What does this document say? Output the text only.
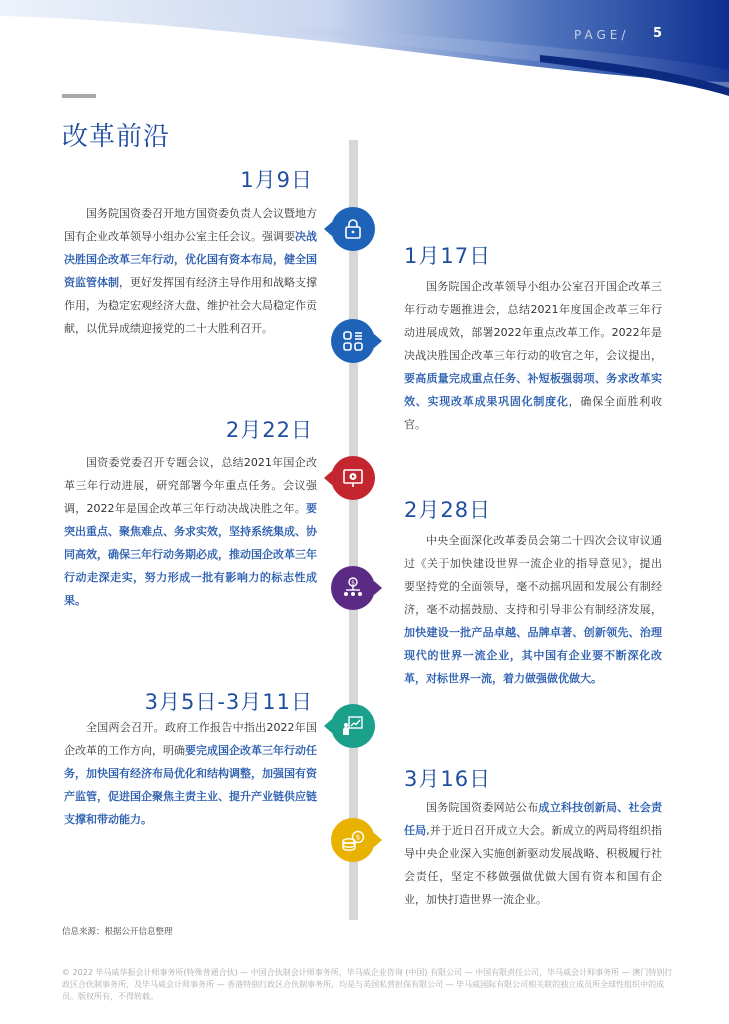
PAGE/ 5
改革前沿
$
$
1月9日
1月17日
2月22日
2月28日
3月5日-3月11日
3月16日
国务院国资委召开地方国资委负责人会议暨地方国有企业改革领导小组办公室主任会议。强调要决战决胜国企改革三年行动，优化国有资本布局，健全国资监管体制，更好发挥国有经济主导作用和战略支撑作用，为稳定宏观经济大盘、维护社会大局稳定作贡献，以优异成绩迎接党的二十大胜利召开。
国务院国企改革领导小组办公室召开国企改革三年行动专题推进会，总结2021年度国企改革三年行动进展成效，部署2022年重点改革工作。2022年是决战决胜国企改革三年行动的收官之年，会议提出，要高质量完成重点任务、补短板强弱项、务求改革实效、实现改革成果巩固化制度化，确保全面胜利收官。
国资委党委召开专题会议，总结2021年国企改革三年行动进展，研究部署今年重点任务。会议强调，2022年是国企改革三年行动决战决胜之年。要突出重点、聚焦难点、务求实效，坚持系统集成、协同高效，确保三年行动务期必成，推动国企改革三年行动走深走实，努力形成一批有影响力的标志性成果。
中央全面深化改革委员会第二十四次会议审议通过《关于加快建设世界一流企业的指导意见》，提出要坚持党的全面领导，毫不动摇巩固和发展公有制经济，毫不动摇鼓励、支持和引导非公有制经济发展，加快建设一批产品卓越、品牌卓著、创新领先、治理现代的世界一流企业，其中国有企业要不断深化改革，对标世界一流，着力做强做优做大。
全国两会召开。政府工作报告中指出2022年国企改革的工作方向，明确要完成国企改革三年行动任务，加快国有经济布局优化和结构调整，加强国有资产监管，促进国企聚焦主责主业、提升产业链供应链支撑和带动能力。
国务院国资委网站公布成立科技创新局、社会责任局,并于近日召开成立大会。新成立的两局将组织指导中央企业深入实施创新驱动发展战略、积极履行社会责任，坚定不移做强做优做大国有资本和国有企业，加快打造世界一流企业。
信息来源：根据公开信息整理
© 2022 毕马威华振会计师事务所(特殊普通合伙) — 中国合伙制会计师事务所，毕马威企业咨询 (中国) 有限公司 — 中国有限责任公司，毕马威会计师事务所 — 澳门特别行政区合伙制事务所，及毕马威会计师事务所 — 香港特别行政区合伙制事务所，均是与英国私营担保有限公司 — 毕马威国际有限公司相关联的独立成员所全球性组织中的成员。版权所有，不得转载。
